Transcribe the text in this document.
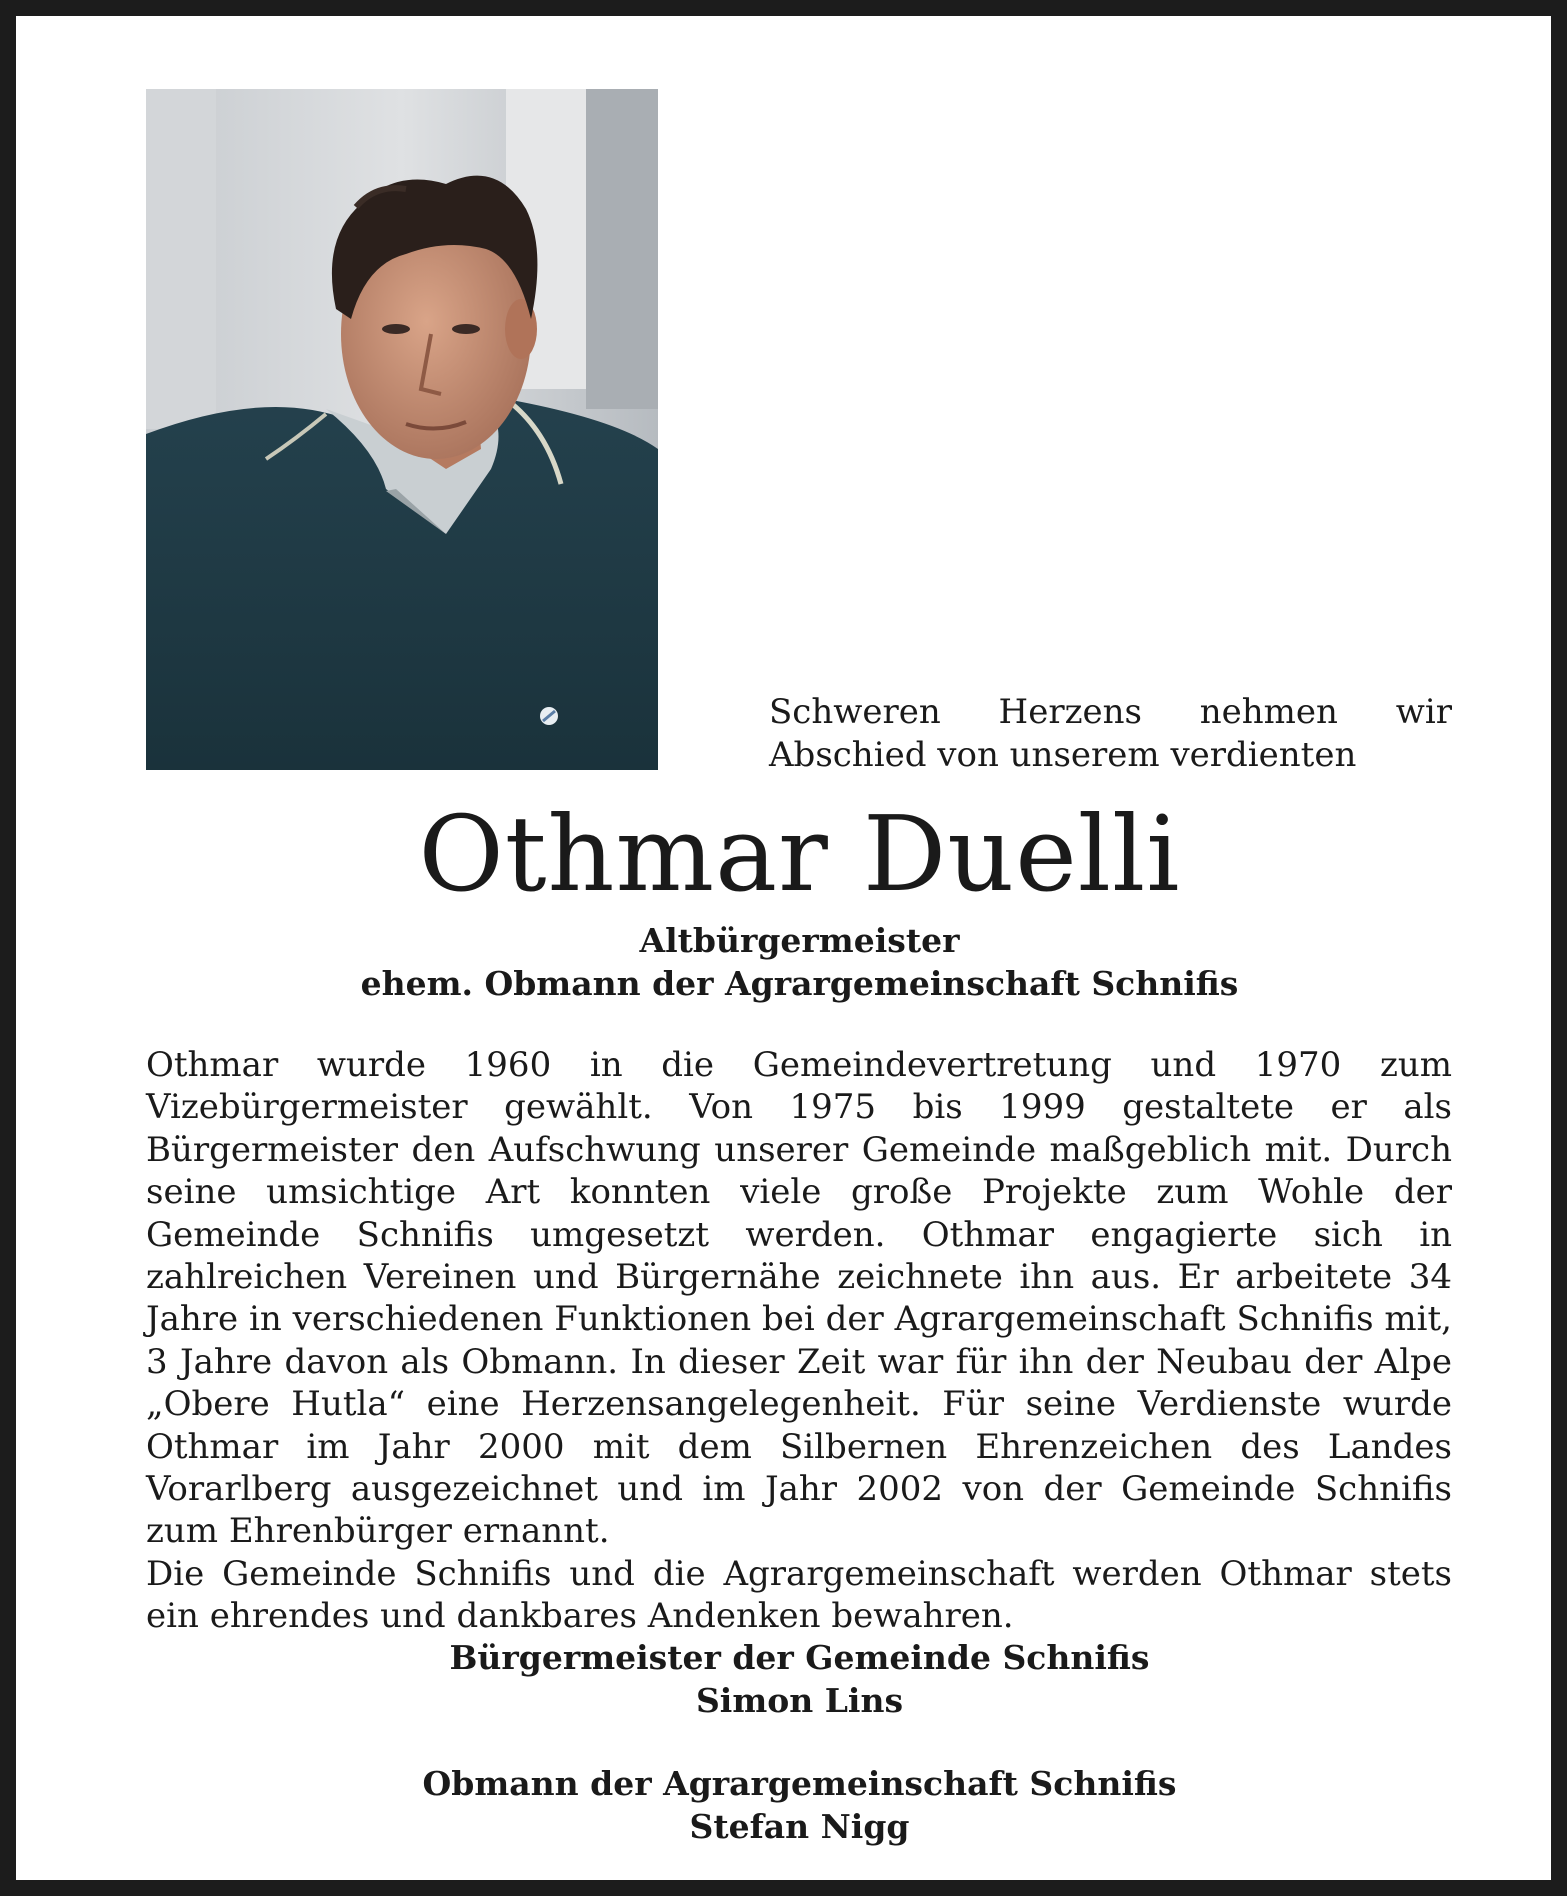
Schweren Herzens nehmen wir
Abschied von unserem verdienten
Othmar Duelli
Altbürgermeister
ehem. Obmann der Agrargemeinschaft Schnifis

Othmar wurde 1960 in die Gemeindevertretung und 1970 zum Vizebürgermeister gewählt. Von 1975 bis 1999 gestaltete er als Bürgermeister den Aufschwung unserer Gemeinde maßgeblich mit. Durch seine umsichtige Art konnten viele große Projekte zum Wohle der Gemeinde Schnifis umgesetzt werden. Othmar engagierte sich in zahlreichen Vereinen und Bürgernähe zeichnete ihn aus. Er arbeitete 34 Jahre in verschiedenen Funktionen bei der Agrargemeinschaft Schnifis mit, 3 Jahre davon als Obmann. In dieser Zeit war für ihn der Neubau der Alpe „Obere Hutla“ eine Herzensangelegenheit. Für seine Verdienste wurde Othmar im Jahr 2000 mit dem Silbernen Ehrenzeichen des Landes Vorarlberg ausgezeichnet und im Jahr 2002 von der Gemeinde Schnifis zum Ehrenbürger ernannt.

Die Gemeinde Schnifis und die Agrargemeinschaft werden Othmar stets ein ehrendes und dankbares Andenken bewahren.

Bürgermeister der Gemeinde Schnifis
Simon Lins
Obmann der Agrargemeinschaft Schnifis
Stefan Nigg
